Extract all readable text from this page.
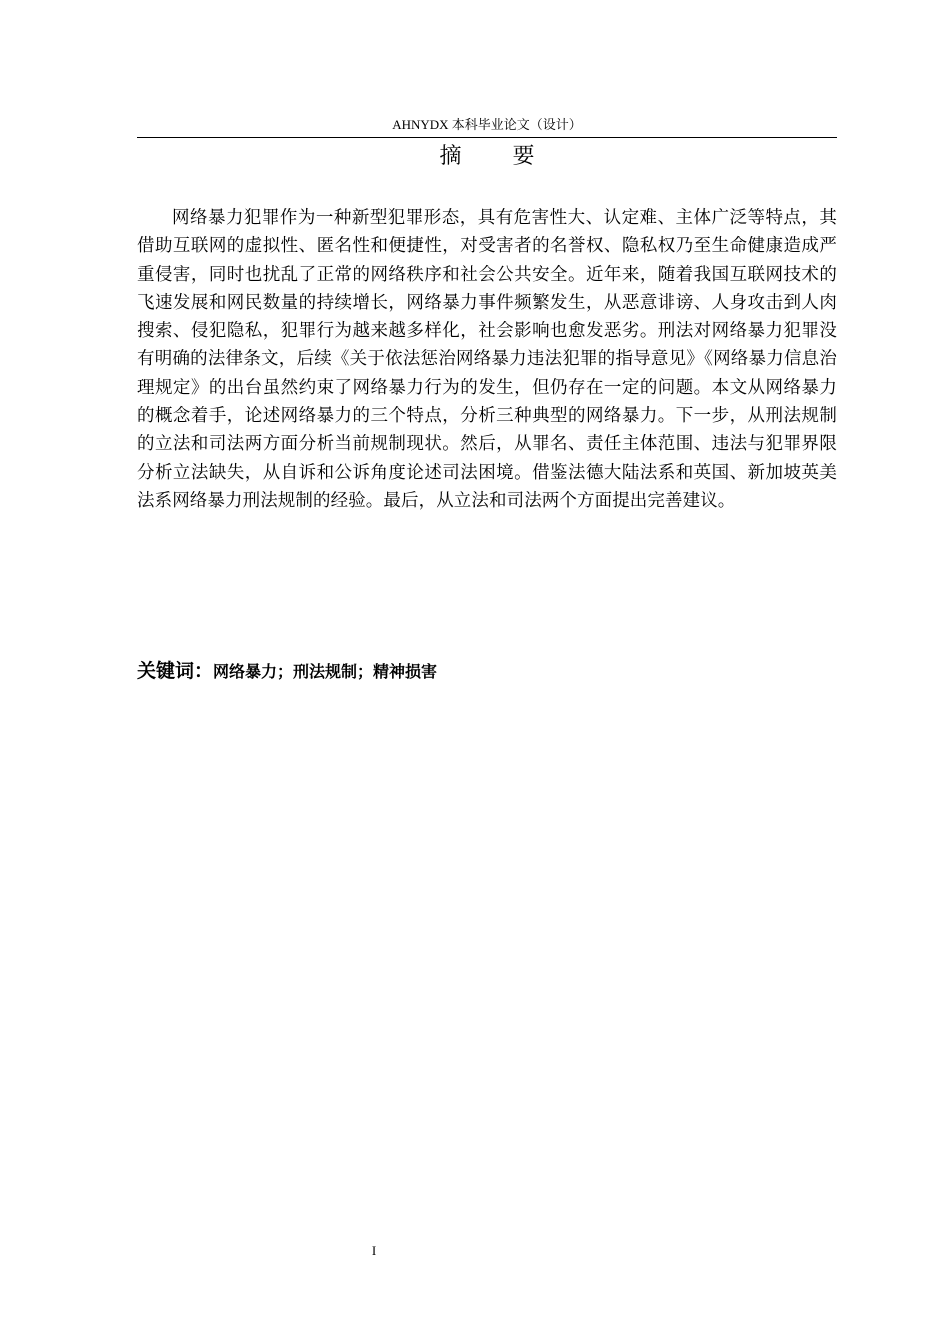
AHNYDX 本科毕业论文（设计）
摘 要

网络暴力犯罪作为一种新型犯罪形态，具有危害性大、认定难、主体广泛等特点，其借助互联网的虚拟性、匿名性和便捷性，对受害者的名誉权、隐私权乃至生命健康造成严重侵害，同时也扰乱了正常的网络秩序和社会公共安全。近年来，随着我国互联网技术的飞速发展和网民数量的持续增长，网络暴力事件频繁发生，从恶意诽谤、人身攻击到人肉搜索、侵犯隐私，犯罪行为越来越多样化，社会影响也愈发恶劣。刑法对网络暴力犯罪没有明确的法律条文，后续《关于依法惩治网络暴力违法犯罪的指导意见》《网络暴力信息治理规定》的出台虽然约束了网络暴力行为的发生，但仍存在一定的问题。本文从网络暴力的概念着手，论述网络暴力的三个特点，分析三种典型的网络暴力。下一步，从刑法规制的立法和司法两方面分析当前规制现状。然后，从罪名、责任主体范围、违法与犯罪界限分析立法缺失，从自诉和公诉角度论述司法困境。借鉴法德大陆法系和英国、新加坡英美法系网络暴力刑法规制的经验。最后，从立法和司法两个方面提出完善建议。

关键词：网络暴力；刑法规制；精神损害
I
